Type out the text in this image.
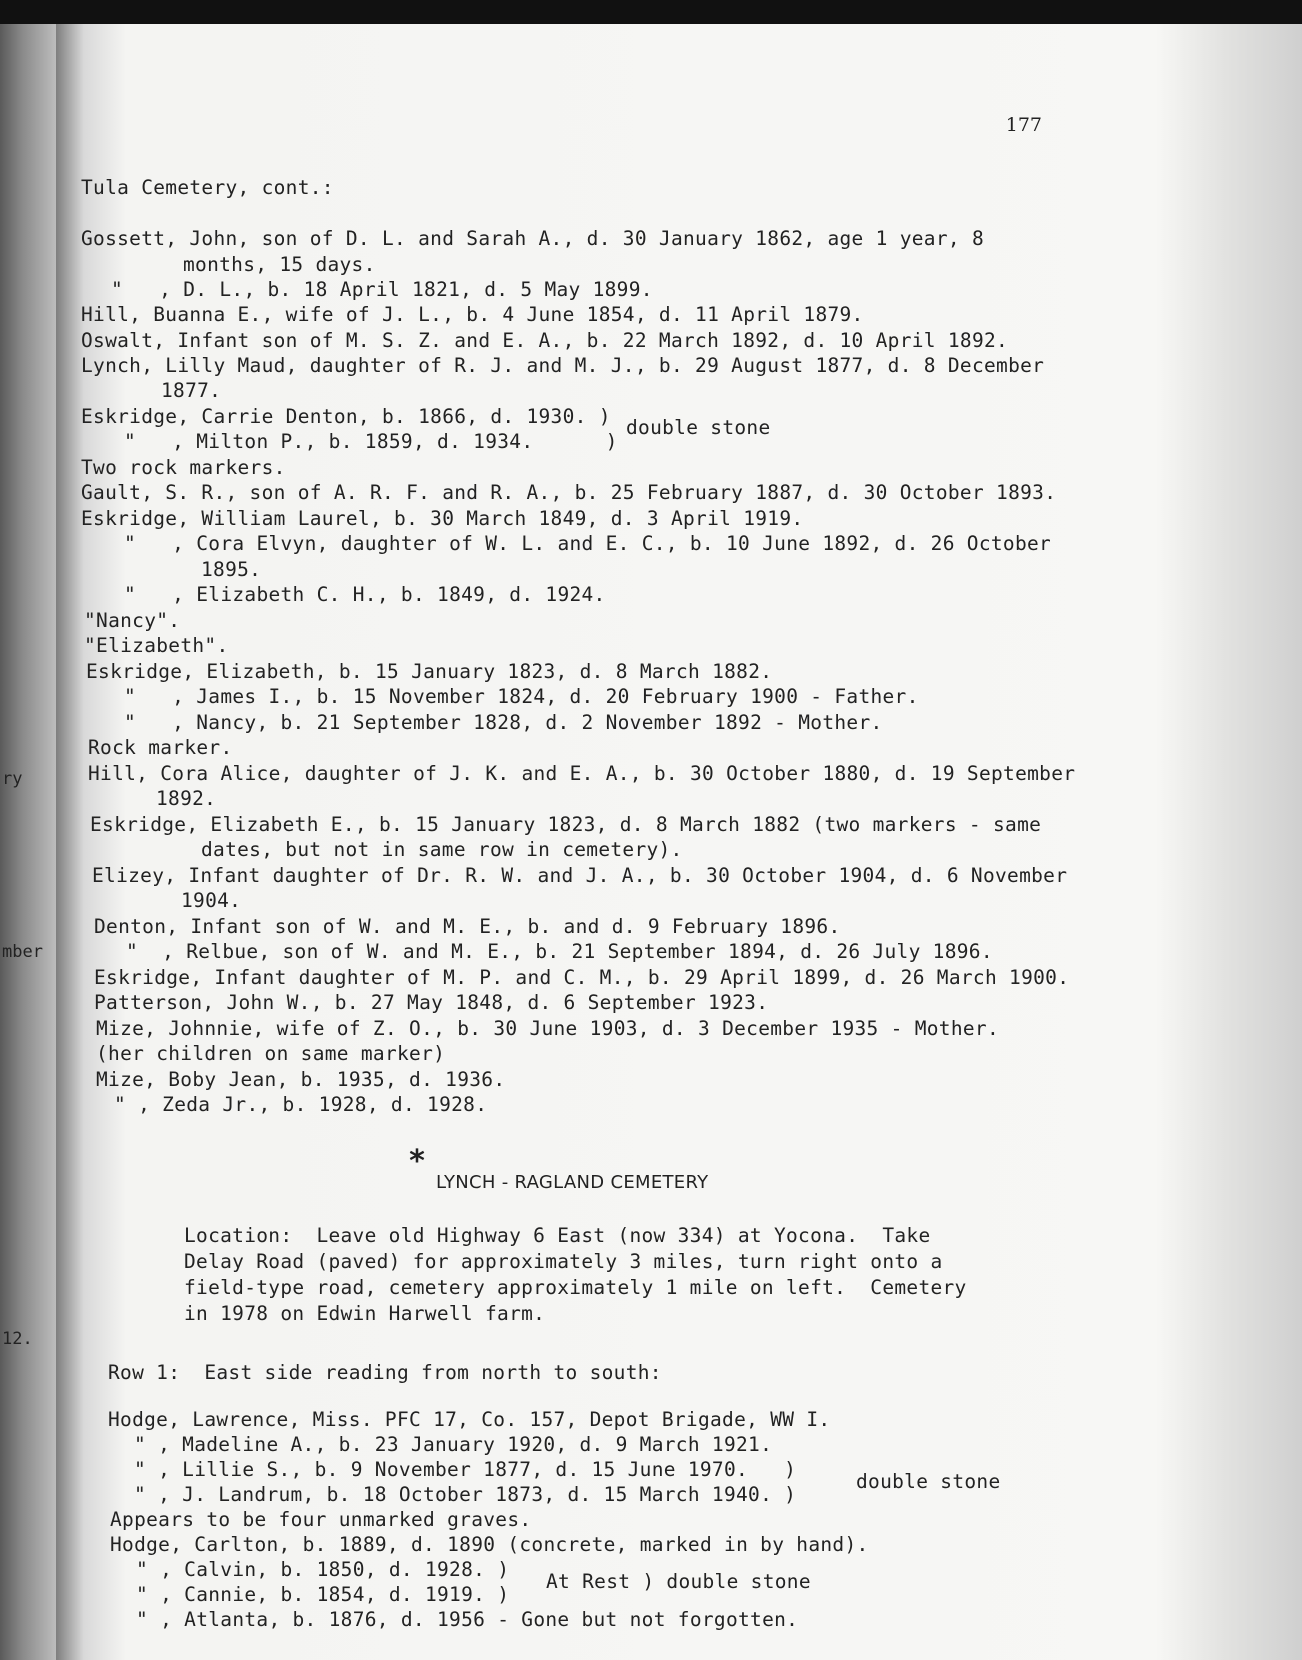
ry
mber
12.
177
Tula Cemetery, cont.:
Gossett, John, son of D. L. and Sarah A., d. 30 January 1862, age 1 year, 8
months, 15 days.
"   , D. L., b. 18 April 1821, d. 5 May 1899.
Hill, Buanna E., wife of J. L., b. 4 June 1854, d. 11 April 1879.
Oswalt, Infant son of M. S. Z. and E. A., b. 22 March 1892, d. 10 April 1892.
Lynch, Lilly Maud, daughter of R. J. and M. J., b. 29 August 1877, d. 8 December
1877.
Eskridge, Carrie Denton, b. 1866, d. 1930. )
"   , Milton P., b. 1859, d. 1934.      )
double stone
Two rock markers.
Gault, S. R., son of A. R. F. and R. A., b. 25 February 1887, d. 30 October 1893.
Eskridge, William Laurel, b. 30 March 1849, d. 3 April 1919.
"   , Cora Elvyn, daughter of W. L. and E. C., b. 10 June 1892, d. 26 October
1895.
"   , Elizabeth C. H., b. 1849, d. 1924.
"Nancy".
"Elizabeth".
Eskridge, Elizabeth, b. 15 January 1823, d. 8 March 1882.
"   , James I., b. 15 November 1824, d. 20 February 1900 - Father.
"   , Nancy, b. 21 September 1828, d. 2 November 1892 - Mother.
Rock marker.
Hill, Cora Alice, daughter of J. K. and E. A., b. 30 October 1880, d. 19 September
1892.
Eskridge, Elizabeth E., b. 15 January 1823, d. 8 March 1882 (two markers - same
dates, but not in same row in cemetery).
Elizey, Infant daughter of Dr. R. W. and J. A., b. 30 October 1904, d. 6 November
1904.
Denton, Infant son of W. and M. E., b. and d. 9 February 1896.
"  , Relbue, son of W. and M. E., b. 21 September 1894, d. 26 July 1896.
Eskridge, Infant daughter of M. P. and C. M., b. 29 April 1899, d. 26 March 1900.
Patterson, John W., b. 27 May 1848, d. 6 September 1923.
Mize, Johnnie, wife of Z. O., b. 30 June 1903, d. 3 December 1935 - Mother.
(her children on same marker)
Mize, Boby Jean, b. 1935, d. 1936.
" , Zeda Jr., b. 1928, d. 1928.
*
LYNCH - RAGLAND CEMETERY
Location:  Leave old Highway 6 East (now 334) at Yocona.  Take
Delay Road (paved) for approximately 3 miles, turn right onto a
field-type road, cemetery approximately 1 mile on left.  Cemetery
in 1978 on Edwin Harwell farm.
Row 1:  East side reading from north to south:
Hodge, Lawrence, Miss. PFC 17, Co. 157, Depot Brigade, WW I.
" , Madeline A., b. 23 January 1920, d. 9 March 1921.
" , Lillie S., b. 9 November 1877, d. 15 June 1970.   )
" , J. Landrum, b. 18 October 1873, d. 15 March 1940. )
double stone
Appears to be four unmarked graves.
Hodge, Carlton, b. 1889, d. 1890 (concrete, marked in by hand).
" , Calvin, b. 1850, d. 1928. )
" , Cannie, b. 1854, d. 1919. )
At Rest ) double stone
" , Atlanta, b. 1876, d. 1956 - Gone but not forgotten.
